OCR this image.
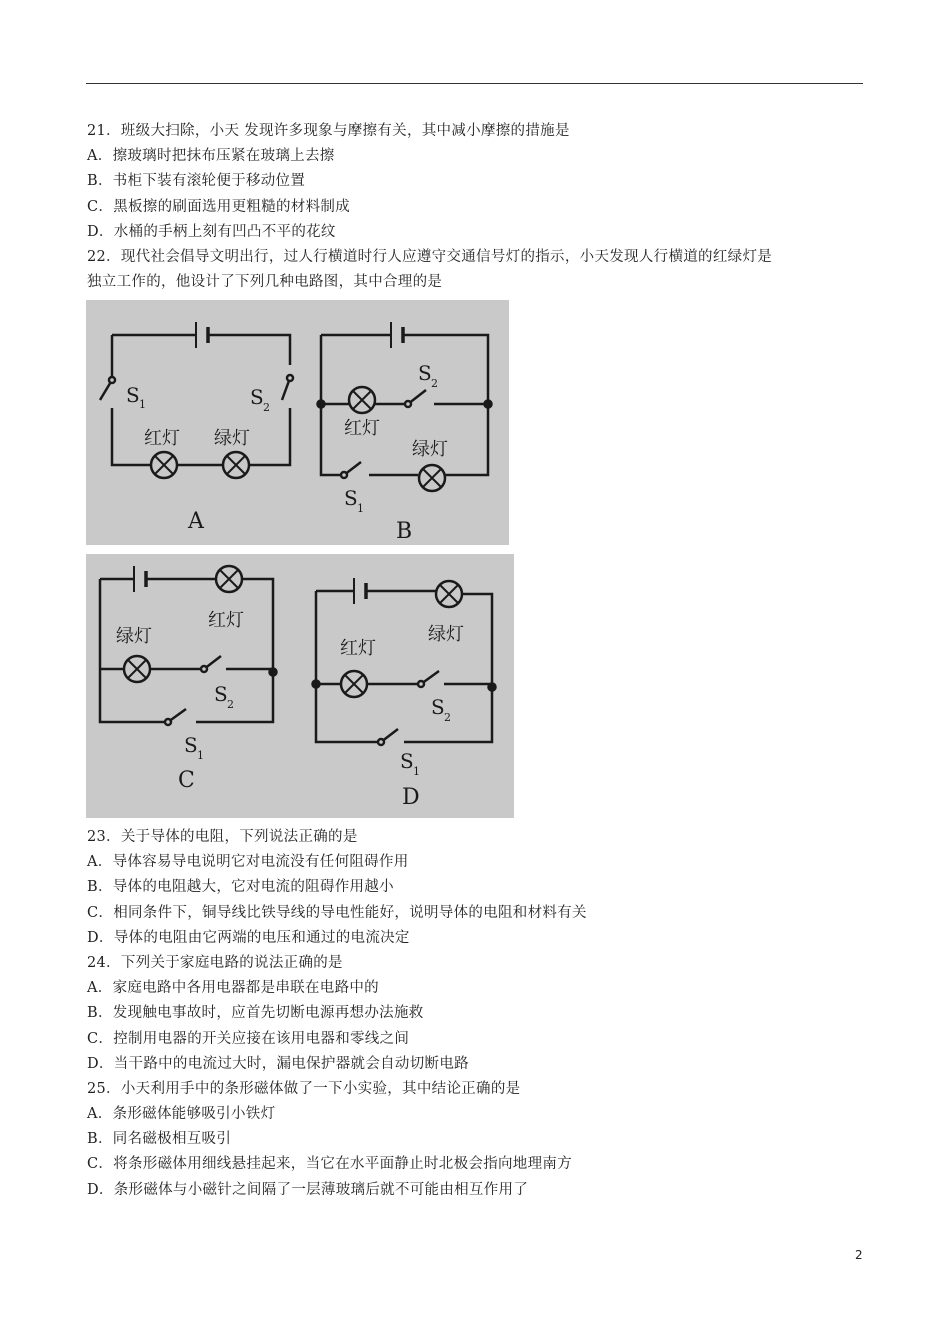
21．班级大扫除，小天 发现许多现象与摩擦有关，其中减小摩擦的措施是
A．擦玻璃时把抹布压紧在玻璃上去擦
B．书柜下装有滚轮便于移动位置
C．黑板擦的刷面选用更粗糙的材料制成
D．水桶的手柄上刻有凹凸不平的花纹
22．现代社会倡导文明出行，过人行横道时行人应遵守交通信号灯的指示，小天发现人行横道的红绿灯是
独立工作的，他设计了下列几种电路图，其中合理的是
S 1	S 2
红灯 绿灯
A
S 2
S 1
红灯
绿灯
B
绿灯
红灯
S 2
S 1
C
红灯
绿灯
S 2
S 1
D
23．关于导体的电阻，下列说法正确的是
A．导体容易导电说明它对电流没有任何阻碍作用
B．导体的电阻越大，它对电流的阻碍作用越小
C．相同条件下，铜导线比铁导线的导电性能好，说明导体的电阻和材料有关
D．导体的电阻由它两端的电压和通过的电流决定
24．下列关于家庭电路的说法正确的是
A．家庭电路中各用电器都是串联在电路中的
B．发现触电事故时，应首先切断电源再想办法施救
C．控制用电器的开关应接在该用电器和零线之间
D．当干路中的电流过大时，漏电保护器就会自动切断电路
25．小天利用手中的条形磁体做了一下小实验，其中结论正确的是
A．条形磁体能够吸引小铁灯
B．同名磁极相互吸引
C．将条形磁体用细线悬挂起来，当它在水平面静止时北极会指向地理南方
D．条形磁体与小磁针之间隔了一层薄玻璃后就不可能由相互作用了
2
